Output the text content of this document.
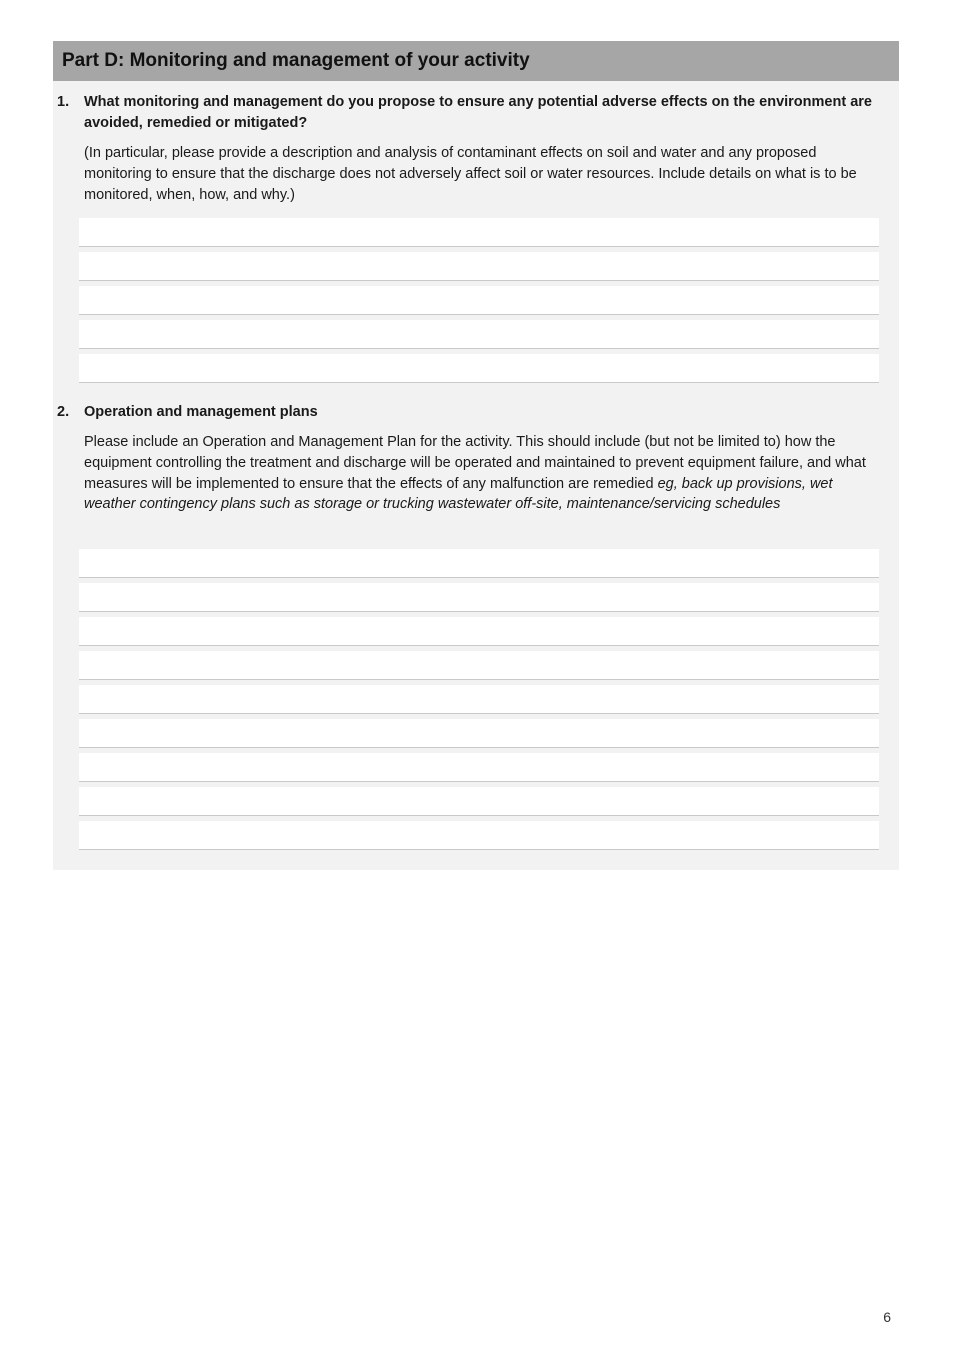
Part D: Monitoring and management of your activity
1.	What monitoring and management do you propose to ensure any potential adverse effects on the environment are avoided, remedied or mitigated?
(In particular, please provide a description and analysis of contaminant effects on soil and water and any proposed monitoring to ensure that the discharge does not adversely affect soil or water resources. Include details on what is to be monitored, when, how, and why.)
2.	Operation and management plans
Please include an Operation and Management Plan for the activity. This should include (but not be limited to) how the equipment controlling the treatment and discharge will be operated and maintained to prevent equipment failure, and what measures will be implemented to ensure that the effects of any malfunction are remedied eg, back up provisions, wet weather contingency plans such as storage or trucking wastewater off-site, maintenance/servicing schedules
6
